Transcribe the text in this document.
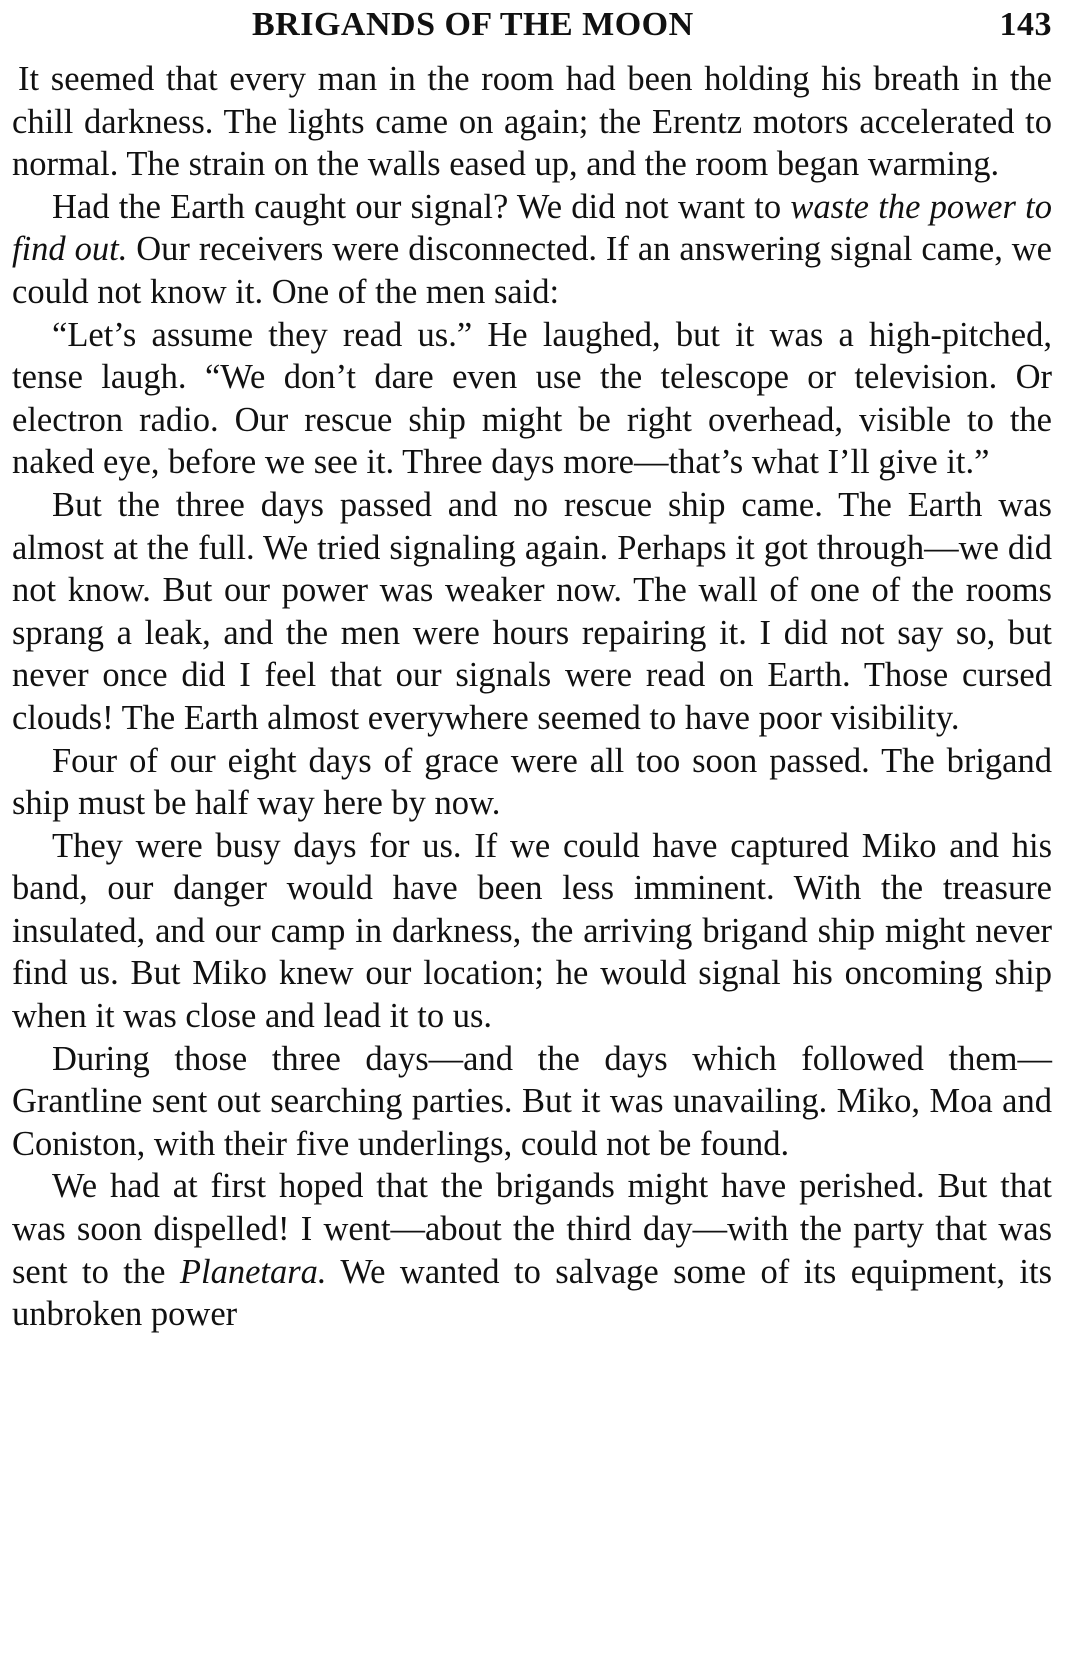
BRIGANDS OF THE MOON	143

It seemed that every man in the room had been holding his breath in the chill darkness. The lights came on again; the Erentz motors accelerated to normal. The strain on the walls eased up, and the room began warming.

Had the Earth caught our signal? We did not want to waste the power to find out. Our receivers were disconnected. If an answering signal came, we could not know it. One of the men said:

“Let’s assume they read us.” He laughed, but it was a high-pitched, tense laugh. “We don’t dare even use the telescope or television. Or electron radio. Our rescue ship might be right overhead, visible to the naked eye, before we see it. Three days more—that’s what I’ll give it.”

But the three days passed and no rescue ship came. The Earth was almost at the full. We tried signaling again. Perhaps it got through—we did not know. But our power was weaker now. The wall of one of the rooms sprang a leak, and the men were hours repairing it. I did not say so, but never once did I feel that our signals were read on Earth. Those cursed clouds! The Earth almost everywhere seemed to have poor visibility.

Four of our eight days of grace were all too soon passed. The brigand ship must be half way here by now.

They were busy days for us. If we could have captured Miko and his band, our danger would have been less imminent. With the treasure insulated, and our camp in darkness, the arriving brigand ship might never find us. But Miko knew our location; he would signal his oncoming ship when it was close and lead it to us.

During those three days—and the days which followed them—Grantline sent out searching parties. But it was unavailing. Miko, Moa and Coniston, with their five underlings, could not be found.

We had at first hoped that the brigands might have perished. But that was soon dispelled! I went—about the third day—with the party that was sent to the Planetara. We wanted to salvage some of its equipment, its unbroken power
